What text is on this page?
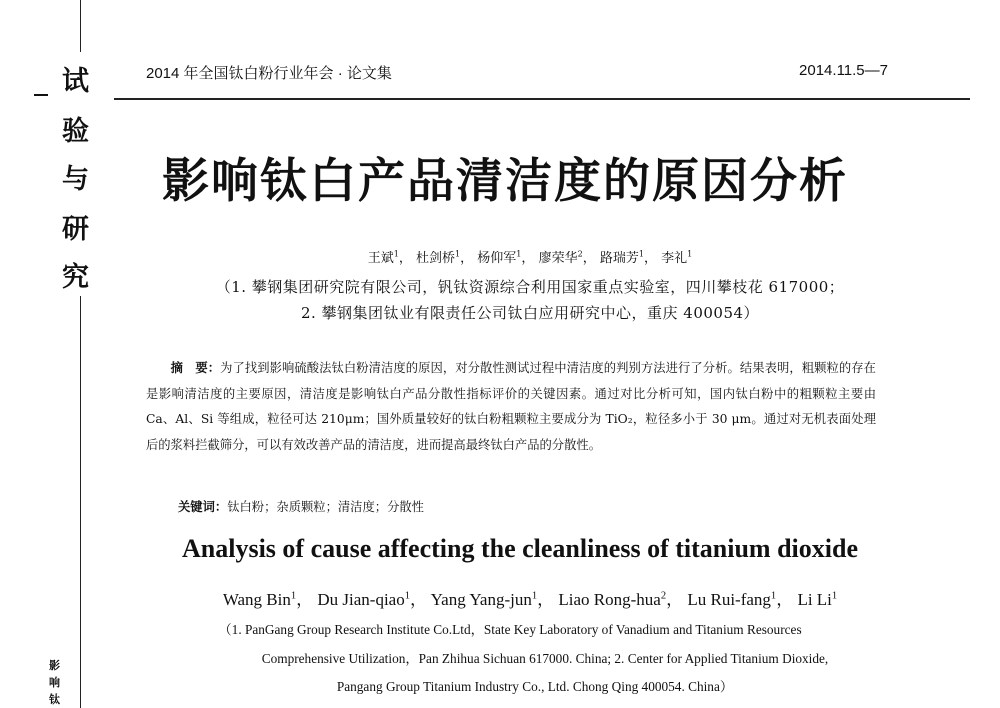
试
验
与
研
究
影
响
钛
2014 年全国钛白粉行业年会 · 论文集	2014.11.5—7
影响钛白产品清洁度的原因分析
王斌$^1$， 杜剑桥$^1$， 杨仰军$^1$， 廖荣华$^2$， 路瑞芳$^1$， 李礼$^1$
（1. 攀钢集团研究院有限公司，钒钛资源综合利用国家重点实验室，四川攀枝花 617000；
2. 攀钢集团钛业有限责任公司钛白应用研究中心，重庆 400054）
摘　要：为了找到影响硫酸法钛白粉清洁度的原因，对分散性测试过程中清洁度的判别方法进行了分析。结果表明，粗颗粒的存在是影响清洁度的主要原因，清洁度是影响钛白产品分散性指标评价的关键因素。通过对比分析可知，国内钛白粉中的粗颗粒主要由 Ca、Al、Si 等组成，粒径可达 210μm；国外质量较好的钛白粉粗颗粒主要成分为 TiO₂，粒径多小于 30 μm。通过对无机表面处理后的浆料拦截筛分，可以有效改善产品的清洁度，进而提高最终钛白产品的分散性。
关键词：钛白粉；杂质颗粒；清洁度；分散性
Analysis of cause affecting the cleanliness of titanium dioxide
Wang Bin$^1$， Du Jian-qiao$^1$， Yang Yang-jun$^1$， Liao Rong-hua$^2$， Lu Rui-fang$^1$， Li Li$^1$
（1. PanGang Group Research Institute Co.Ltd，State Key Laboratory of Vanadium and Titanium Resources
Comprehensive Utilization，Pan Zhihua Sichuan 617000. China; 2. Center for Applied Titanium Dioxide,
Pangang Group Titanium Industry Co., Ltd. Chong Qing 400054. China）
